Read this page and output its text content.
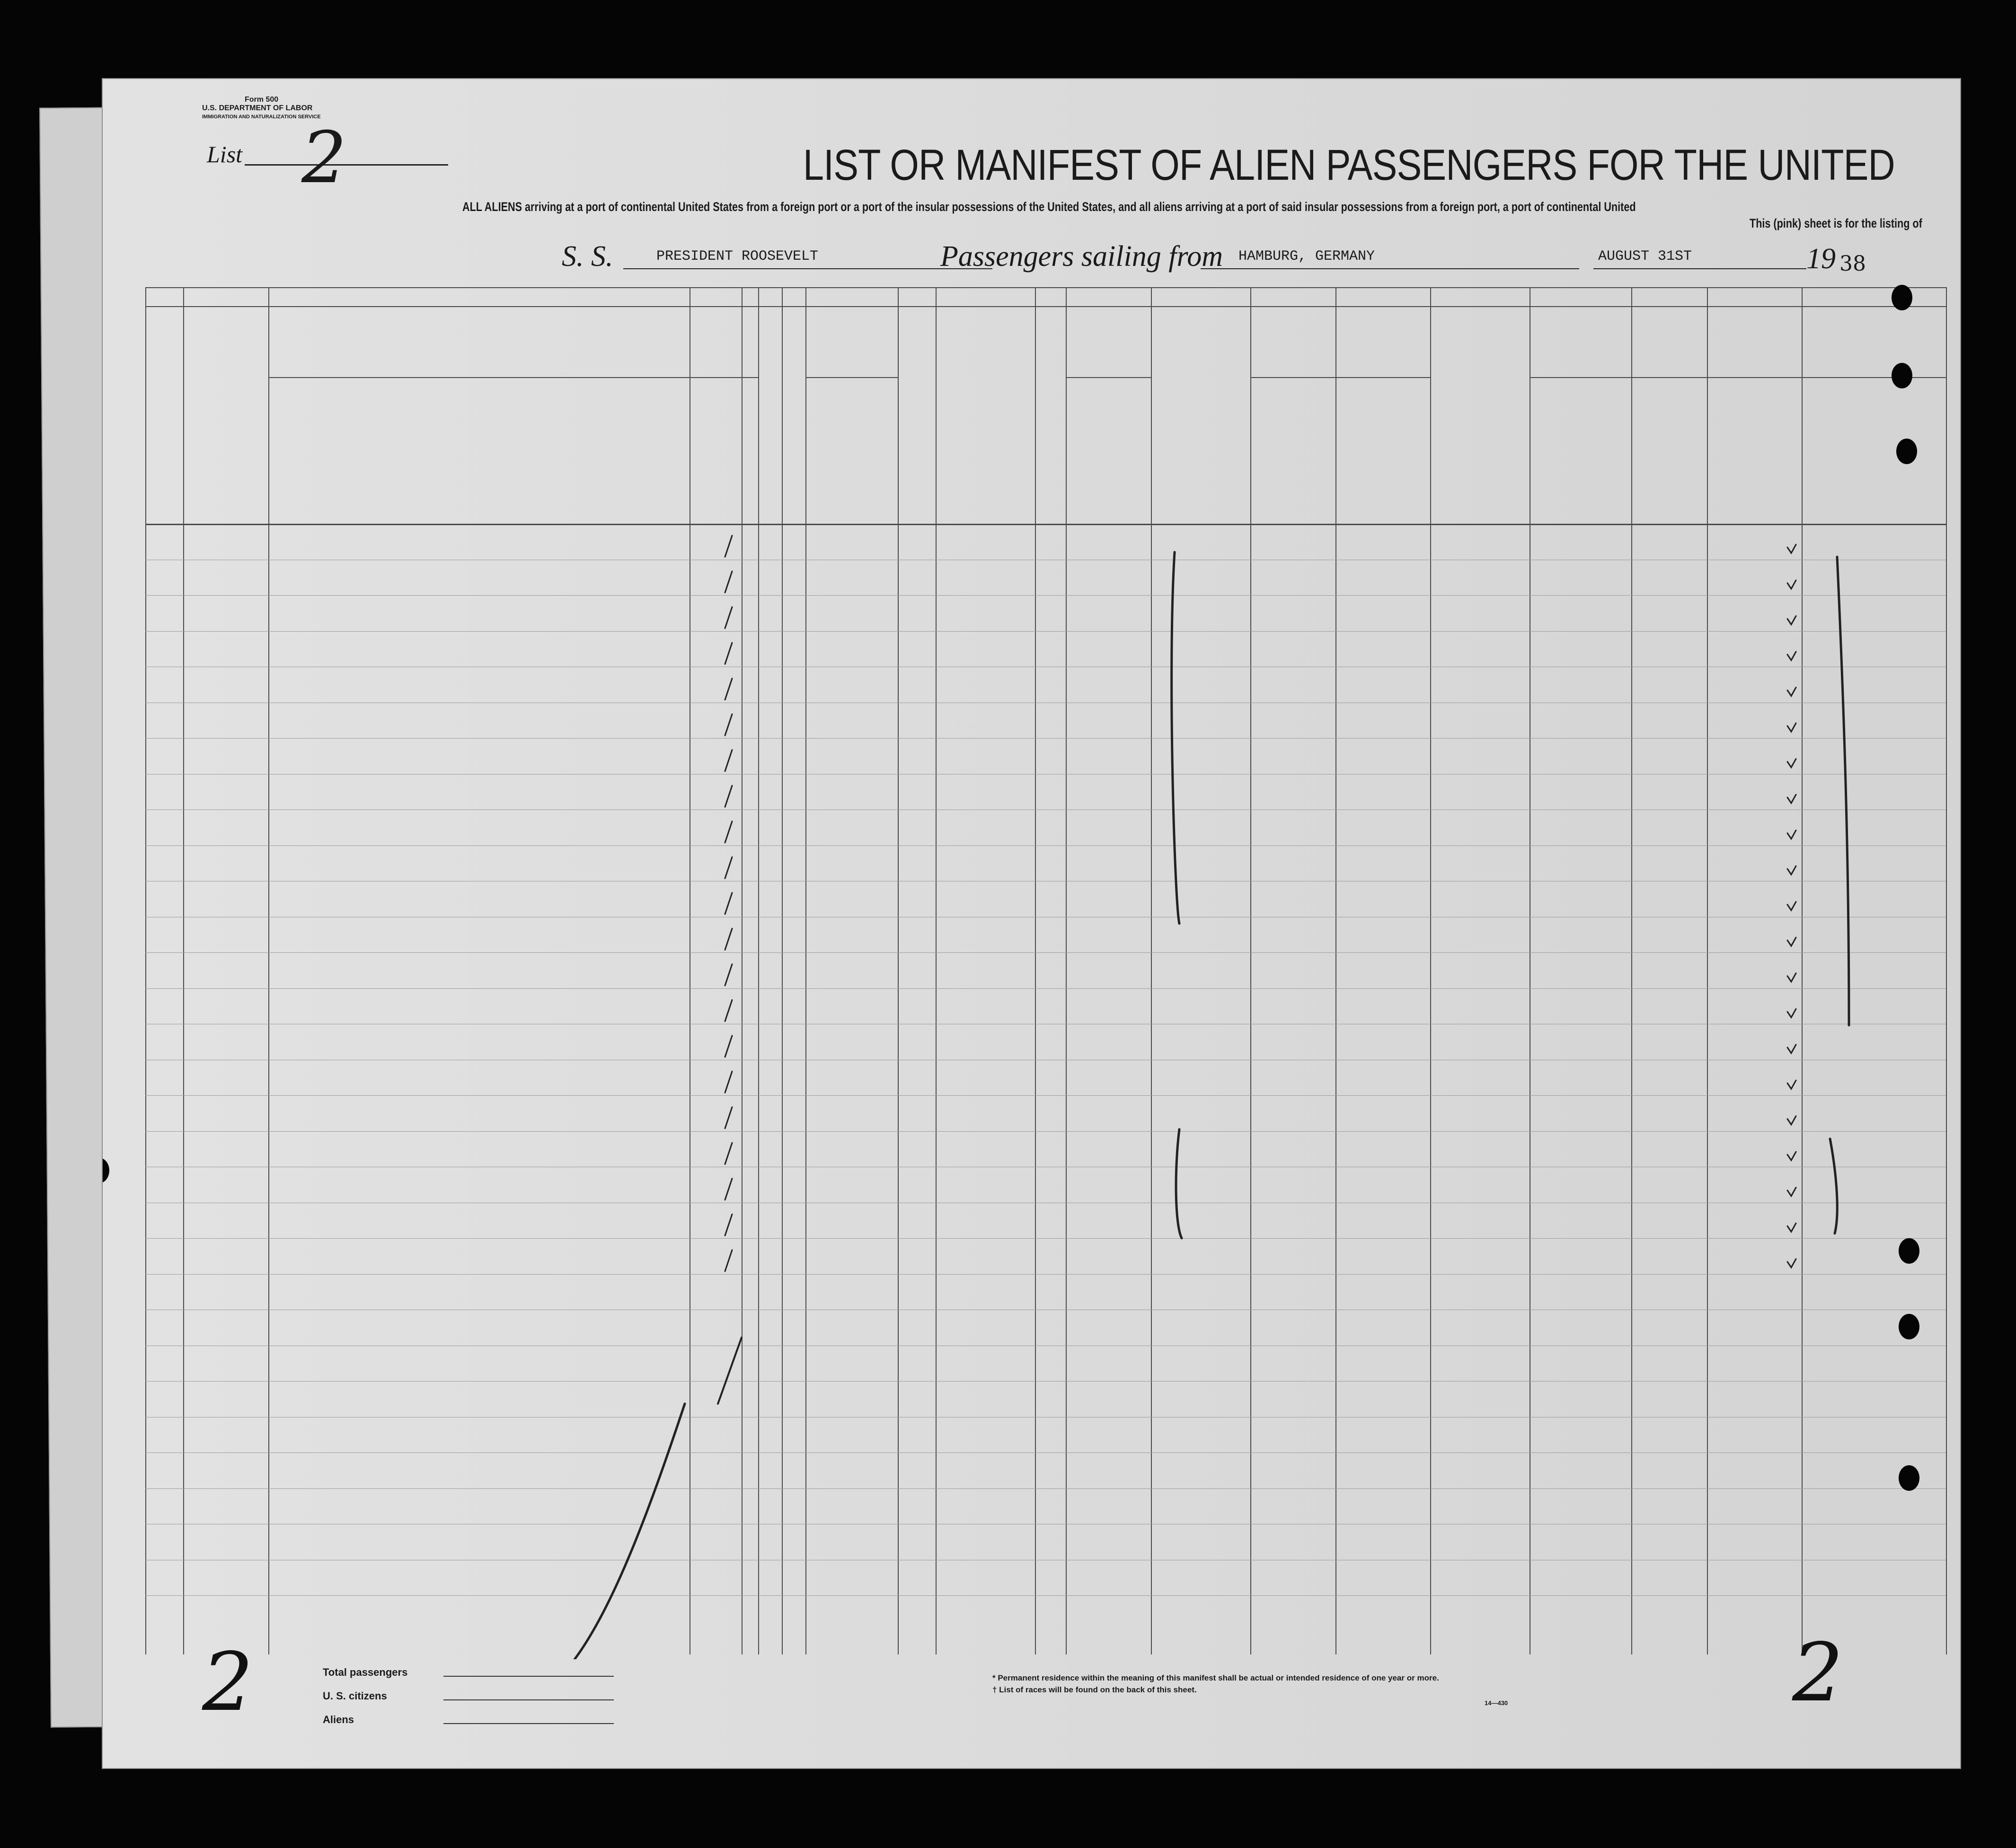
Form 500
U.S. DEPARTMENT OF LABOR
IMMIGRATION AND NATURALIZATION SERVICE
List 2	LIST OR MANIFEST OF ALIEN PASSENGERS FOR THE UNITED
ALL ALIENS arriving at a port of continental United States from a foreign port or a port of the insular possessions of the United States, and all aliens arriving at a port of said insular possessions from a foreign port, a port of continental United
This (pink) sheet is for the listing of
S. S.	PRESIDENT ROOSEVELT	Passengers sailing from HAMBURG, GERMANY	AUGUST 31ST	19 38
Total passengers
U. S. citizens
Aliens
* Permanent residence within the meaning of this manifest shall be actual or intended residence of one year or more.
† List of races will be found on the back of this sheet.
14—430
2	2
